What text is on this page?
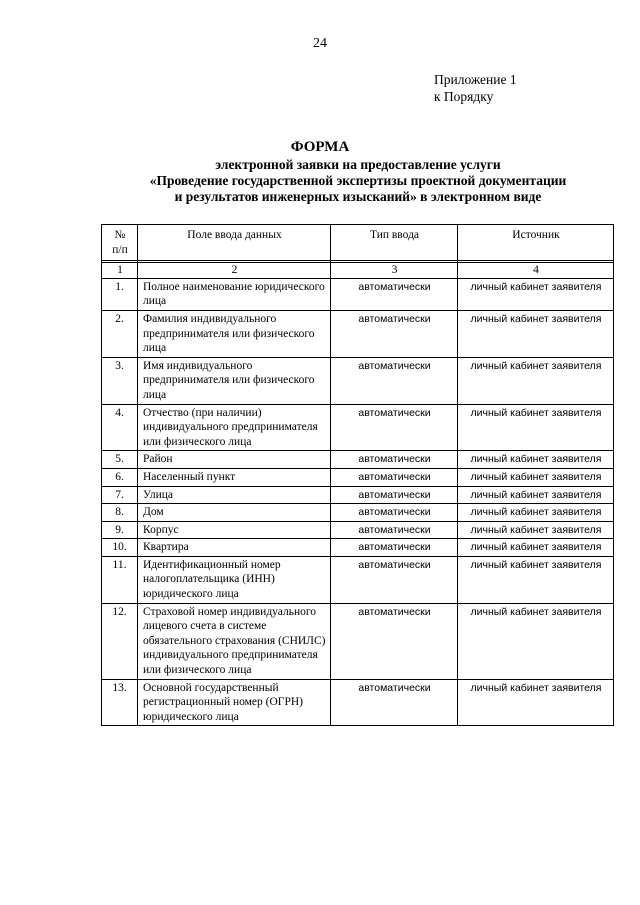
24
Приложение 1
к Порядку
ФОРМА
электронной заявки на предоставление услуги
«Проведение государственной экспертизы проектной документации
и результатов инженерных изысканий» в электронном виде
№
п/п	Поле ввода данных	Тип ввода	Источник

1	2	3	4
1.	Полное наименование юридического лица	автоматически	личный кабинет заявителя
2.	Фамилия индивидуального предпринимателя или физического лица	автоматически	личный кабинет заявителя
3.	Имя индивидуального предпринимателя или физического лица	автоматически	личный кабинет заявителя
4.	Отчество (при наличии) индивидуального предпринимателя или физического лица	автоматически	личный кабинет заявителя
5.	Район	автоматически	личный кабинет заявителя
6.	Населенный пункт	автоматически	личный кабинет заявителя
7.	Улица	автоматически	личный кабинет заявителя
8.	Дом	автоматически	личный кабинет заявителя
9.	Корпус	автоматически	личный кабинет заявителя
10.	Квартира	автоматически	личный кабинет заявителя
11.	Идентификационный номер налогоплательщика (ИНН) юридического лица	автоматически	личный кабинет заявителя
12.	Страховой номер индивидуального лицевого счета в системе обязательного страхования (СНИЛС) индивидуального предпринимателя или физического лица	автоматически	личный кабинет заявителя
13.	Основной государственный регистрационный номер (ОГРН) юридического лица	автоматически	личный кабинет заявителя
